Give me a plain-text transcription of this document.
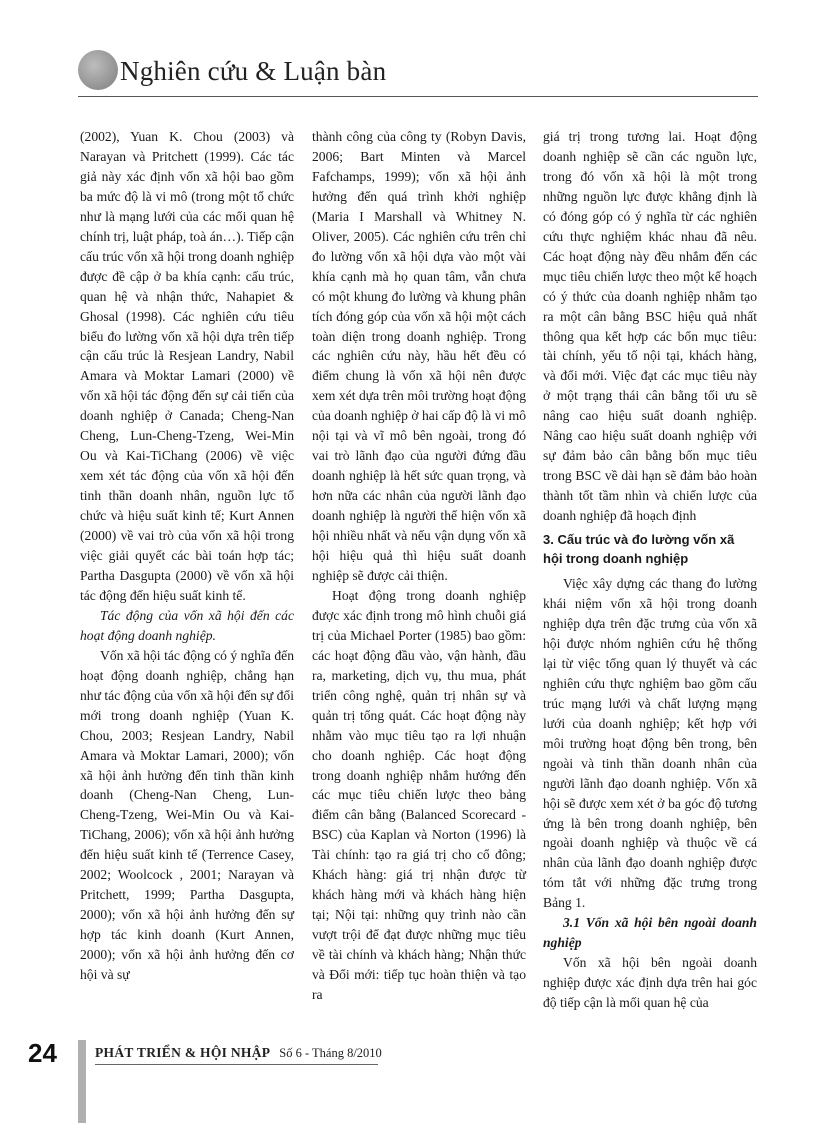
Nghiên cứu & Luận bàn

(2002), Yuan K. Chou (2003) và Narayan và Pritchett (1999). Các tác giả này xác định vốn xã hội bao gồm ba mức độ là vi mô (trong một tổ chức như là mạng lưới của các mối quan hệ chính trị, luật pháp, toà án…). Tiếp cận cấu trúc vốn xã hội trong doanh nghiệp được đề cập ở ba khía cạnh: cấu trúc, quan hệ và nhận thức, Nahapiet & Ghosal (1998). Các nghiên cứu tiêu biểu đo lường vốn xã hội dựa trên tiếp cận cấu trúc là Resjean Landry, Nabil Amara và Moktar Lamari (2000) về vốn xã hội tác động đến sự cải tiến của doanh nghiệp ở Canada; Cheng-Nan Cheng, Lun-Cheng-Tzeng, Wei-Min Ou và Kai-TiChang (2006) về việc xem xét tác động của vốn xã hội đến tinh thần doanh nhân, nguồn lực tổ chức và hiệu suất kinh tế; Kurt Annen (2000) về vai trò của vốn xã hội trong việc giải quyết các bài toán hợp tác; Partha Dasgupta (2000) về vốn xã hội tác động đến hiệu suất kinh tế.

Tác động của vốn xã hội đến các hoạt động doanh nghiệp.

Vốn xã hội tác động có ý nghĩa đến hoạt động doanh nghiệp, chẳng hạn như tác động của vốn xã hội đến sự đổi mới trong doanh nghiệp (Yuan K. Chou, 2003; Resjean Landry, Nabil Amara và Moktar Lamari, 2000); vốn xã hội ảnh hưởng đến tinh thần kinh doanh (Cheng-Nan Cheng, Lun-Cheng-Tzeng, Wei-Min Ou và Kai-TiChang, 2006); vốn xã hội ảnh hưởng đến hiệu suất kinh tế (Terrence Casey, 2002; Woolcock , 2001; Narayan và Pritchett, 1999; Partha Dasgupta, 2000); vốn xã hội ảnh hưởng đến sự hợp tác kinh doanh (Kurt Annen, 2000); vốn xã hội ảnh hưởng đến cơ hội và sự

thành công của công ty (Robyn Davis, 2006; Bart Minten và Marcel Fafchamps, 1999); vốn xã hội ảnh hưởng đến quá trình khởi nghiệp (Maria I Marshall và Whitney N. Oliver, 2005). Các nghiên cứu trên chỉ đo lường vốn xã hội dựa vào một vài khía cạnh mà họ quan tâm, vẫn chưa có một khung đo lường và khung phân tích đóng góp của vốn xã hội một cách toàn diện trong doanh nghiệp. Trong các nghiên cứu này, hầu hết đều có điểm chung là vốn xã hội nên được xem xét dựa trên môi trường hoạt động của doanh nghiệp ở hai cấp độ là vi mô nội tại và vĩ mô bên ngoài, trong đó vai trò lãnh đạo của người đứng đầu doanh nghiệp là hết sức quan trọng, và hơn nữa các nhân của người lãnh đạo doanh nghiệp là người thể hiện vốn xã hội nhiều nhất và nếu vận dụng vốn xã hội hiệu quả thì hiệu suất doanh nghiệp sẽ được cải thiện.

Hoạt động trong doanh nghiệp được xác định trong mô hình chuỗi giá trị của Michael Porter (1985) bao gồm: các hoạt động đầu vào, vận hành, đầu ra, marketing, dịch vụ, thu mua, phát triển công nghệ, quản trị nhân sự và quản trị tổng quát. Các hoạt động này nhằm vào mục tiêu tạo ra lợi nhuận cho doanh nghiệp. Các hoạt động trong doanh nghiệp nhắm hướng đến các mục tiêu chiến lược theo bảng điểm cân bằng (Balanced Scorecard - BSC) của Kaplan và Norton (1996) là Tài chính: tạo ra giá trị cho cổ đông; Khách hàng: giá trị nhận được từ khách hàng mới và khách hàng hiện tại; Nội tại: những quy trình nào cần vượt trội để đạt được những mục tiêu về tài chính và khách hàng; Nhận thức và Đổi mới: tiếp tục hoàn thiện và tạo ra

giá trị trong tương lai. Hoạt động doanh nghiệp sẽ cần các nguồn lực, trong đó vốn xã hội là một trong những nguồn lực được khẳng định là có đóng góp có ý nghĩa từ các nghiên cứu thực nghiệm khác nhau đã nêu. Các hoạt động này đều nhắm đến các mục tiêu chiến lược theo một kế hoạch có ý thức của doanh nghiệp nhằm tạo ra một cân bằng BSC hiệu quả nhất thông qua kết hợp các bốn mục tiêu: tài chính, yếu tố nội tại, khách hàng, và đổi mới. Việc đạt các mục tiêu này ở một trạng thái cân bằng tối ưu sẽ nâng cao hiệu suất doanh nghiệp. Nâng cao hiệu suất doanh nghiệp với sự đảm bảo cân bằng bốn mục tiêu trong BSC về dài hạn sẽ đảm bảo hoàn thành tốt tầm nhìn và chiến lược của doanh nghiệp đã hoạch định

3. Cấu trúc và đo lường vốn xã hội trong doanh nghiệp

Việc xây dựng các thang đo lường khái niệm vốn xã hội trong doanh nghiệp dựa trên đặc trưng của vốn xã hội được nhóm nghiên cứu hệ thống lại từ việc tổng quan lý thuyết và các nghiên cứu thực nghiệm bao gồm cấu trúc mạng lưới và chất lượng mạng lưới của doanh nghiệp; kết hợp với môi trường hoạt động bên trong, bên ngoài và tinh thần doanh nhân của người lãnh đạo doanh nghiệp. Vốn xã hội sẽ được xem xét ở ba góc độ tương ứng là bên trong doanh nghiệp, bên ngoài doanh nghiệp và thuộc về cá nhân của lãnh đạo doanh nghiệp được tóm tắt với những đặc trưng trong Bảng 1.

3.1 Vốn xã hội bên ngoài doanh nghiệp

Vốn xã hội bên ngoài doanh nghiệp được xác định dựa trên hai góc độ tiếp cận là mối quan hệ của

24	PHÁT TRIỂN & HỘI NHẬP Số 6 - Tháng 8/2010
